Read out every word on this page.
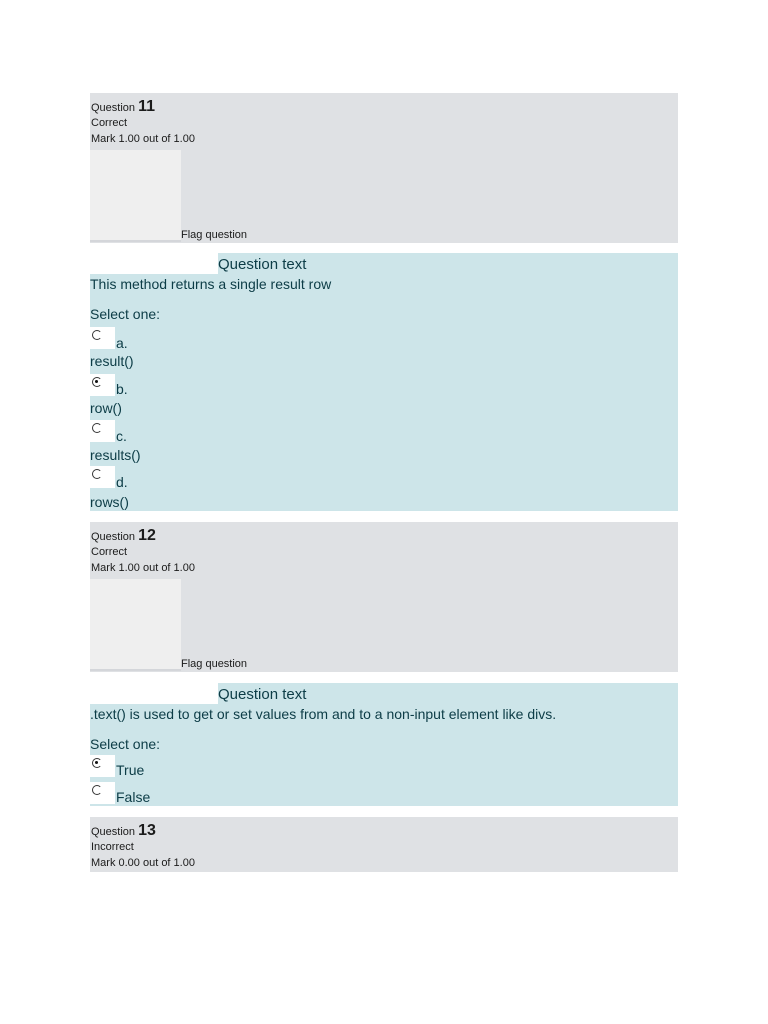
Question 11
Correct
Mark 1.00 out of 1.00
Flag question
Question text
This method returns a single result row
Select one:
a.
result()
b.
row()
c.
results()
d.
rows()
Question 12
Correct
Mark 1.00 out of 1.00
Flag question
Question text
.text() is used to get or set values from and to a non-input element like divs.
Select one:
True
False
Question 13
Incorrect
Mark 0.00 out of 1.00
